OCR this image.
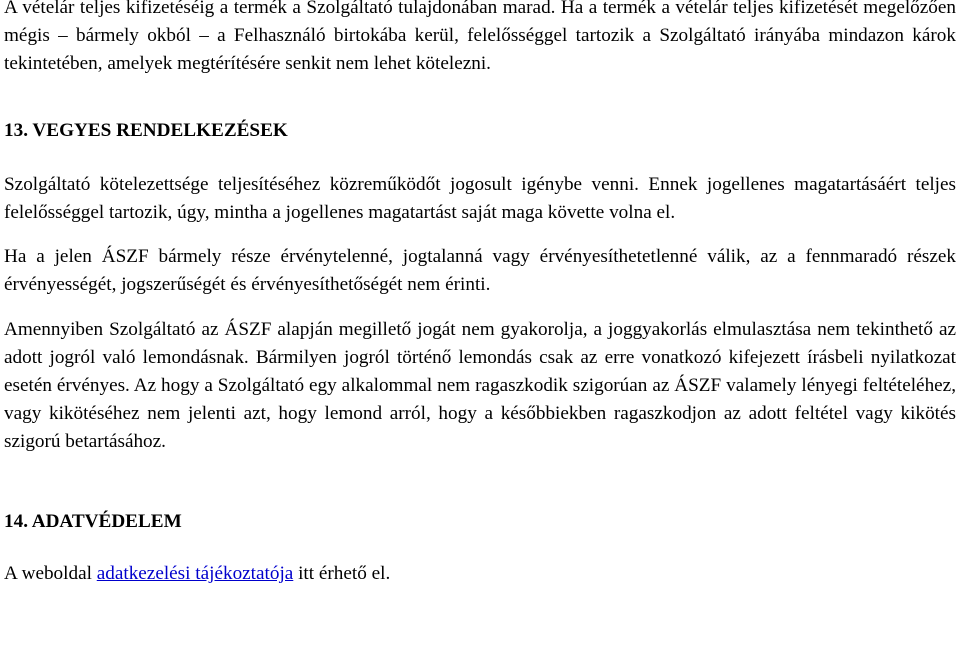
A vételár teljes kifizetéséig a termék a Szolgáltató tulajdonában marad. Ha a termék a vételár teljes kifizetését megelőzően mégis – bármely okból – a Felhasználó birtokába kerül, felelősséggel tartozik a Szolgáltató irányába mindazon károk tekintetében, amelyek megtérítésére senkit nem lehet kötelezni.

13. VEGYES RENDELKEZÉSEK

Szolgáltató kötelezettsége teljesítéséhez közreműködőt jogosult igénybe venni. Ennek jogellenes magatartásáért teljes felelősséggel tartozik, úgy, mintha a jogellenes magatartást saját maga követte volna el.

Ha a jelen ÁSZF bármely része érvénytelenné, jogtalanná vagy érvényesíthetetlenné válik, az a fennmaradó részek érvényességét, jogszerűségét és érvényesíthetőségét nem érinti.

Amennyiben Szolgáltató az ÁSZF alapján megillető jogát nem gyakorolja, a joggyakorlás elmulasztása nem tekinthető az adott jogról való lemondásnak. Bármilyen jogról történő lemondás csak az erre vonatkozó kifejezett írásbeli nyilatkozat esetén érvényes. Az hogy a Szolgáltató egy alkalommal nem ragaszkodik szigorúan az ÁSZF valamely lényegi feltételéhez, vagy kikötéséhez nem jelenti azt, hogy lemond arról, hogy a későbbiekben ragaszkodjon az adott feltétel vagy kikötés szigorú betartásához.

14. ADATVÉDELEM

A weboldal adatkezelési tájékoztatója itt érhető el.
